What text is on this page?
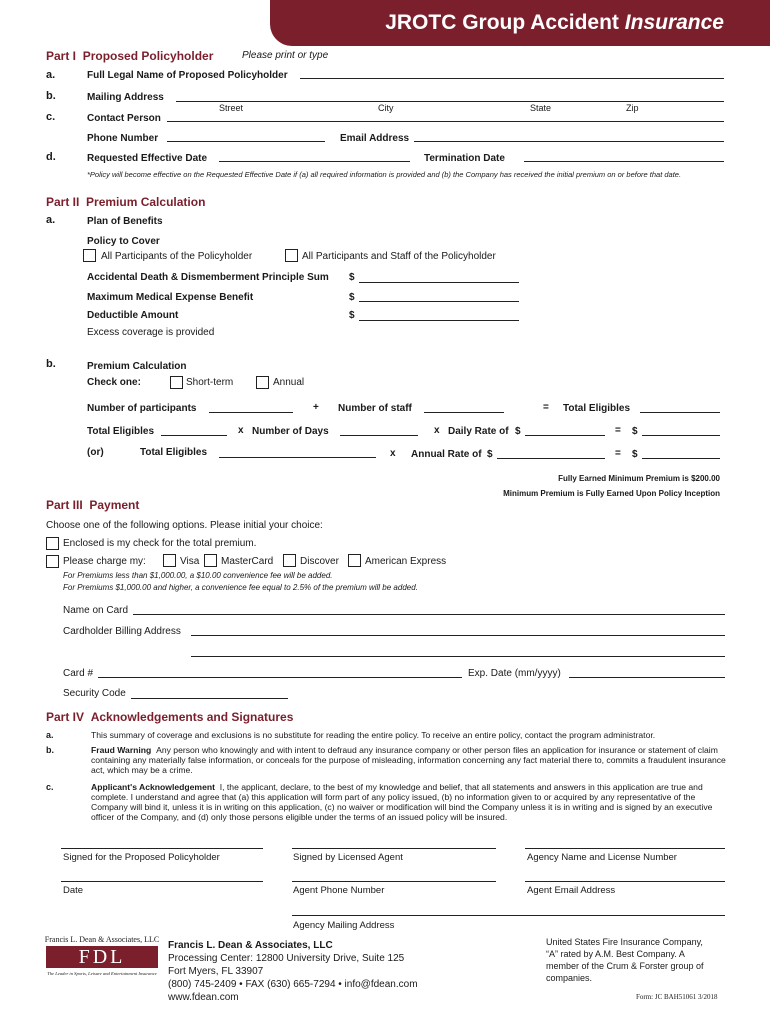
JROTC Group Accident Insurance
Part I Proposed Policyholder	Please print or type
a.	Full Legal Name of Proposed Policyholder
b.	Mailing Address
Street	City	State	Zip
c.	Contact Person
Phone Number	Email Address
d.	Requested Effective Date	Termination Date
*Policy will become effective on the Requested Effective Date if (a) all required information is provided and (b) the Company has received the initial premium on or before that date.
Part II Premium Calculation
a.	Plan of Benefits
Policy to Cover
All Participants of the Policyholder	All Participants and Staff of the Policyholder
Accidental Death & Dismemberment Principle Sum $
Maximum Medical Expense Benefit	$
Deductible Amount	$
Excess coverage is provided
b.	Premium Calculation
Check one:	Short-term	Annual
Number of participants	+ Number of staff	= Total Eligibles
Total Eligibles	x Number of Days	x Daily Rate of $	= $
(or)	Total Eligibles	x Annual Rate of $	= $
Fully Earned Minimum Premium is $200.00
Minimum Premium is Fully Earned Upon Policy Inception
Part III Payment
Choose one of the following options. Please initial your choice:
Enclosed is my check for the total premium.
Please charge my:	Visa MasterCard	Discover	American Express
For Premiums less than $1,000.00, a $10.00 convenience fee will be added.
For Premiums $1,000.00 and higher, a convenience fee equal to 2.5% of the premium will be added.
Name on Card
Cardholder Billing Address
Card #	Exp. Date (mm/yyyy)
Security Code
Part IV Acknowledgements and Signatures
a.	This summary of coverage and exclusions is no substitute for reading the entire policy. To receive an entire policy, contact the program administrator.
b.	Fraud Warning Any person who knowingly and with intent to defraud any insurance company or other person files an application for insurance or statement of claim containing any materially false information, or conceals for the purpose of misleading, information concerning any fact material there to, commits a fraudulent insurance act, which may be a crime.
c.	Applicant's Acknowledgement I, the applicant, declare, to the best of my knowledge and belief, that all statements and answers in this application are true and complete. I understand and agree that (a) this application will form part of any policy issued, (b) no information given to or acquired by any representative of the Company will bind it, unless it is in writing on this application, (c) no waiver or modification will bind the Company unless it is in writing and is signed by an executive officer of the Company, and (d) only those persons eligible under the terms of an issued policy will be insured.
Signed for the Proposed Policyholder	Signed by Licensed Agent	Agency Name and License Number
Date	Agent Phone Number	Agent Email Address
Agency Mailing Address
Francis L. Dean & Associates, LLC
FDL
The Leader in Sports, Leisure and Entertainment Insurance
Francis L. Dean & Associates, LLC
Processing Center: 12800 University Drive, Suite 125
Fort Myers, FL 33907
(800) 745-2409 • FAX (630) 665-7294 • info@fdean.com
www.fdean.com
United States Fire Insurance Company,
“A” rated by A.M. Best Company. A
member of the Crum & Forster group of
companies.
Form: JC BAH51061 3/2018
